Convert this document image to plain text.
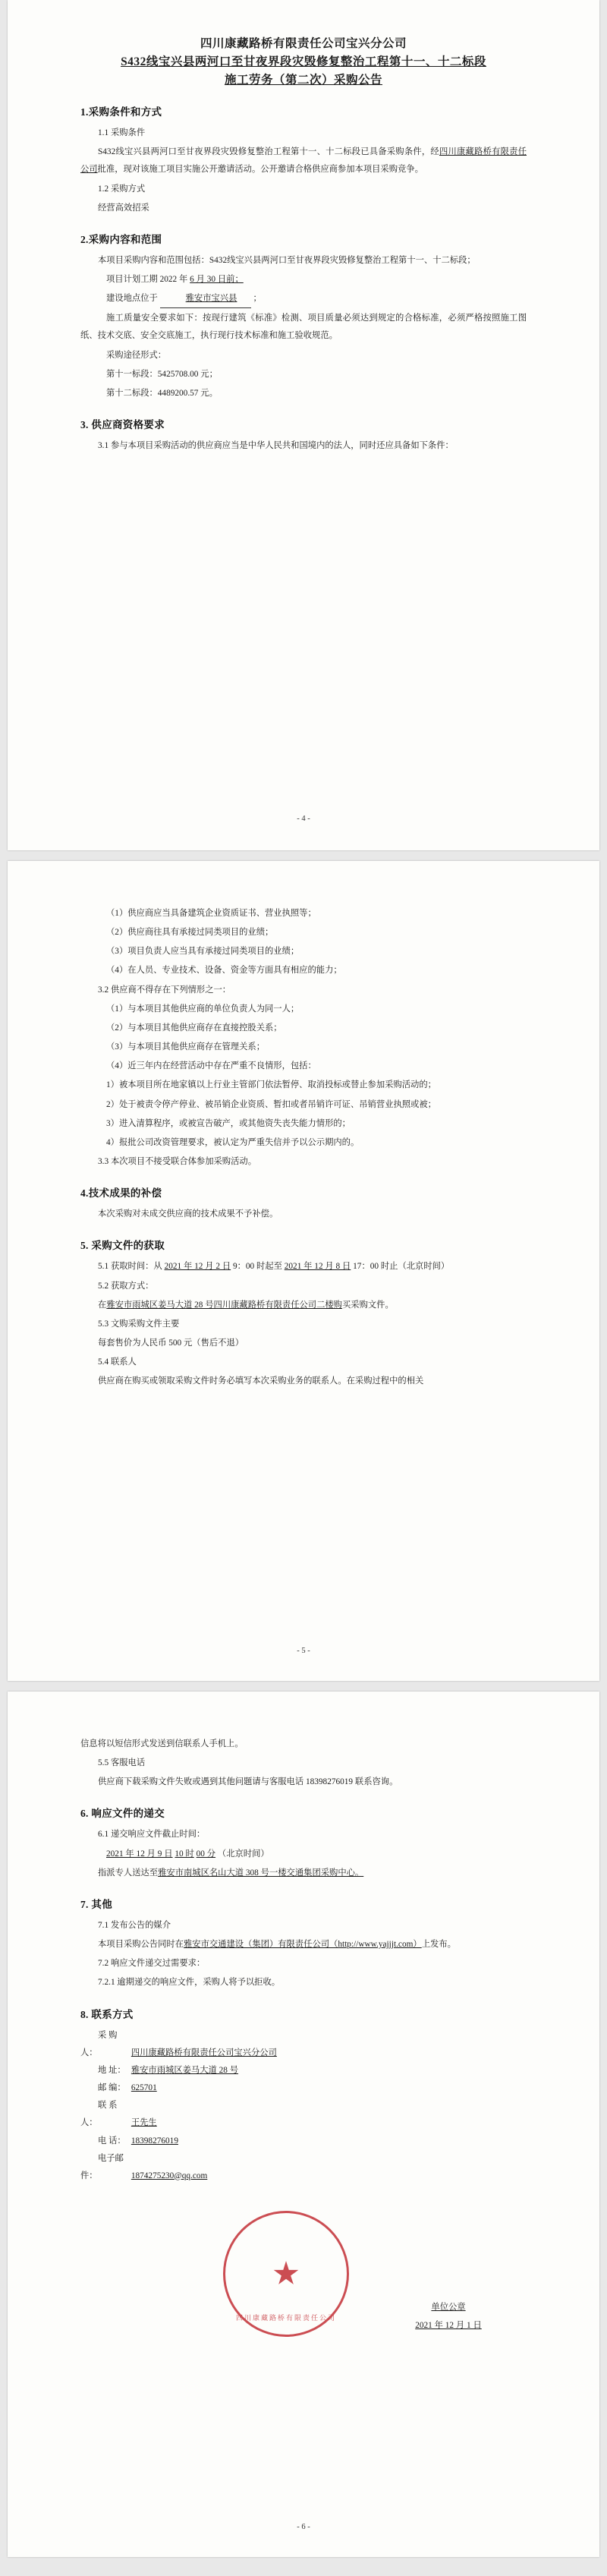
四川康藏路桥有限责任公司宝兴分公司
S432线宝兴县两河口至甘夜界段灾毁修复整治工程第十一、十二标段
施工劳务（第二次）采购公告
1.采购条件和方式

1.1 采购条件

S432线宝兴县两河口至甘夜界段灾毁修复整治工程第十一、十二标段已具备采购条件，经四川康藏路桥有限责任公司批准，现对该施工项目实施公开邀请活动。公开邀请合格供应商参加本项目采购竞争。

1.2 采购方式

经营高效招采

2.采购内容和范围

本项目采购内容和范围包括：S432线宝兴县两河口至甘夜界段灾毁修复整治工程第十一、十二标段；

项目计划工期 2022 年 6 月 30 日前；

建设地点位于	雅安市宝兴县 ；

施工质量安全要求如下：按现行建筑《标准》检测、项目质量必须达到规定的合格标准，必须严格按照施工图纸、技术交底、安全交底施工，执行现行技术标准和施工验收规范。

采购途径形式：

第十一标段：5425708.00 元；

第十二标段：4489200.57 元。

3. 供应商资格要求

3.1 参与本项目采购活动的供应商应当是中华人民共和国境内的法人，同时还应具备如下条件：

- 4 -

（1）供应商应当具备建筑企业资质证书、营业执照等；

（2）供应商往具有承接过同类项目的业绩；

（3）项目负责人应当具有承接过同类项目的业绩；

（4）在人员、专业技术、设备、资金等方面具有相应的能力；

3.2 供应商不得存在下列情形之一：

（1）与本项目其他供应商的单位负责人为同一人；

（2）与本项目其他供应商存在直接控股关系；

（3）与本项目其他供应商存在管理关系；

（4）近三年内在经营活动中存在严重不良情形，包括：

1）被本项目所在地家镇以上行业主管部门依法暂停、取消投标或替止参加采购活动的；

2）处于被责令停产停业、被吊销企业资质、暂扣或者吊销许可证、吊销营业执照或被；

3）进入清算程序，或被宣告破产，或其他资失丧失能力情形的；

4）报批公司改资管理要求，被认定为严重失信并予以公示期内的。

3.3 本次项目不接受联合体参加采购活动。

4.技术成果的补偿

本次采购对未成交供应商的技术成果不予补偿。

5. 采购文件的获取

5.1 获取时间：从 2021 年 12 月 2 日 9：00 时起至 2021 年 12 月 8 日 17：00 时止（北京时间）

5.2 获取方式：

在雅安市雨城区姜马大道 28 号四川康藏路桥有限责任公司二楼购买采购文件。

5.3 文购采购文件主要

每套售价为人民币 500 元（售后不退）

5.4 联系人

供应商在购买或领取采购文件时务必填写本次采购业务的联系人。在采购过程中的相关

- 5 -

信息将以短信形式发送到信联系人手机上。

5.5 客服电话

供应商下载采购文件失败或遇到其他问题请与客服电话 18398276019 联系咨询。

6. 响应文件的递交

6.1 递交响应文件截止时间：

2021 年 12 月 9 日 10 时 00 分 （北京时间）

指派专人送达至雅安市南城区名山大道 308 号一楼交通集团采购中心。

7. 其他

7.1 发布公告的媒介

本项目采购公告同时在雅安市交通建设（集团）有限责任公司（http://www.yajjjt.com）上发布。

7.2 响应文件递交过需要求：

7.2.1 逾期递交的响应文件，采购人将予以拒收。

8. 联系方式
采 购 人：	四川康藏路桥有限责任公司宝兴分公司
地 址： 雅安市雨城区姜马大道 28 号
邮 编： 625701
联 系 人：	王先生
电 话： 18398276019
电子邮件：	1874275230@qq.com
四川康藏路桥有限责任公司
单位公章
2021 年 12 月 1 日
- 6 -
